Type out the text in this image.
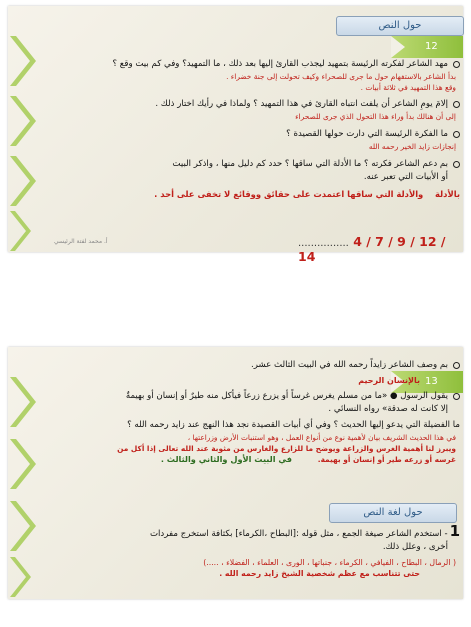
حول النص
12
مهد الشاعر لفكرته الرئيسة بتمهيد ليجذب القارئ إليها بعد ذلك ، ما التمهيد؟ وفي كم بيت وقع ؟
بدأ الشاعر بالاستفهام حول ما جرى للصحراء وكيف تحولت إلى جنة خضراء .
وقع هذا التمهيد في ثلاثة أبيات .
إلامَ يومِ الشاعر أن يلفت انتباه القارئ في هذا التمهيد ؟ ولماذا في رأيك اختار ذلك .
إلى أن هنالك بدأ وراء هذا التحول الذي جرى للصحراء
ما الفكرة الرئيسة التي دارت حولها القصيدة ؟
إنجازات زايد الخير رحمه الله
بم دعم الشاعر فكرته ؟ ما الأدلة التي ساقها ؟ حدد كم دليل منها ، واذكر البيت
أو الأبيات التي تعبر عنه.
بالأدلة    والأدلة التي ساقها اعتمدت على حقائق ووقائع لا تخفى على أحد .
................ 4 / 7 / 9 / 12 / 14
أ. محمد لفتة الرئيسي
13
بم وصف الشاعر زايداً رحمه الله في البيت الثالث عشر.
بالإنسان الرحيم
يقول الرسول ● «ما من مسلم يغرس غرساً أو يزرع زرعاً فيأكل منه طيرٌ أو إنسان أو بهيمةٌ
إلا كانت له صدقة» رواه النسائي .
ما الفضيلة التي يدعو إليها الحديث ؟ وفي أي أبيات القصيدة نجد هذا النهج عند زايد رحمه الله ؟
في هذا الحديث الشريف بيان لأهمية نوع من أنواع العمل ، وهو استنبات الأرض وزراعتها ،
ويبرز لنا أهمية الغرس والزراعة ويوضح ما للزارع والغارس من مثوبة عند الله تعالى إذا أكل من
غرسه أو زرعه طير أو إنسان أو بهيمة.          في البيت الأول والثاني والثالث .
حول لغة النص
1- استخدم الشاعر صيغة الجمع ، مثل قوله :[البطاح ،الكرماء] بكثافة استخرج مفردات
أخرى ، وعلل ذلك.
( الرمال ، البطاح ، الفيافي ، الكرماء ، جنباتها ، الورى ، العلماء ، الفضلاء ، .....)
حتى تتناسب مع عظم شخصية الشيخ زايد رحمه الله .
